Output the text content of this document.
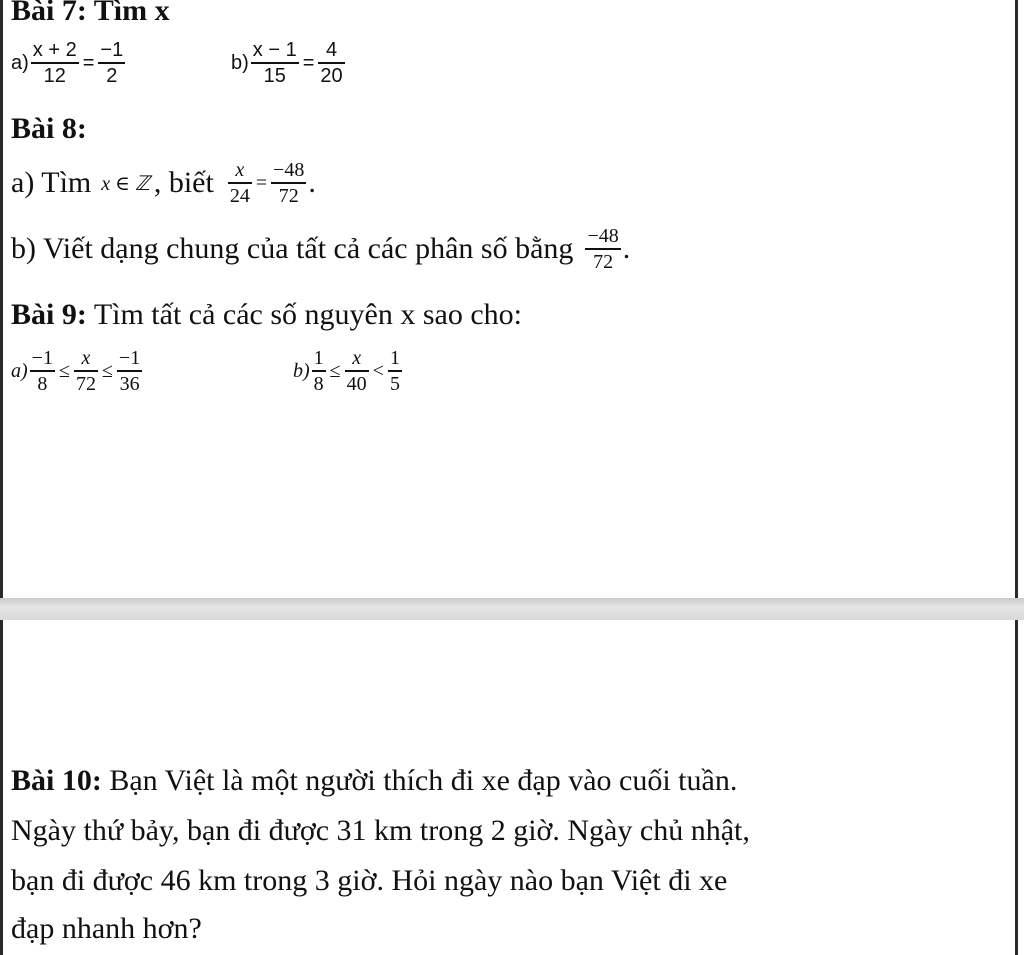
Bài 7: Tìm x
$a) \frac{x + 2}{12} = \frac{-1}{2}$	$b) \frac{x - 1}{15} = \frac{4}{20}$
Bài 8:
a) Tìm x ∈ ℤ , biết $\frac{x}{24} = \frac{-48}{72}$ .
b) Viết dạng chung của tất cả các phân số bằng $\frac{-48}{72}$ .
Bài 9: Tìm tất cả các số nguyên x sao cho:
$a) \frac{-1}{8} \le \frac{x}{72} \le \frac{-1}{36}$	$b) \frac{1}{8} \le \frac{x}{40} < \frac{1}{5}$
Bài 10: Bạn Việt là một người thích đi xe đạp vào cuối tuần.
Ngày thứ bảy, bạn đi được 31 km trong 2 giờ. Ngày chủ nhật,
bạn đi được 46 km trong 3 giờ. Hỏi ngày nào bạn Việt đi xe
đạp nhanh hơn?
